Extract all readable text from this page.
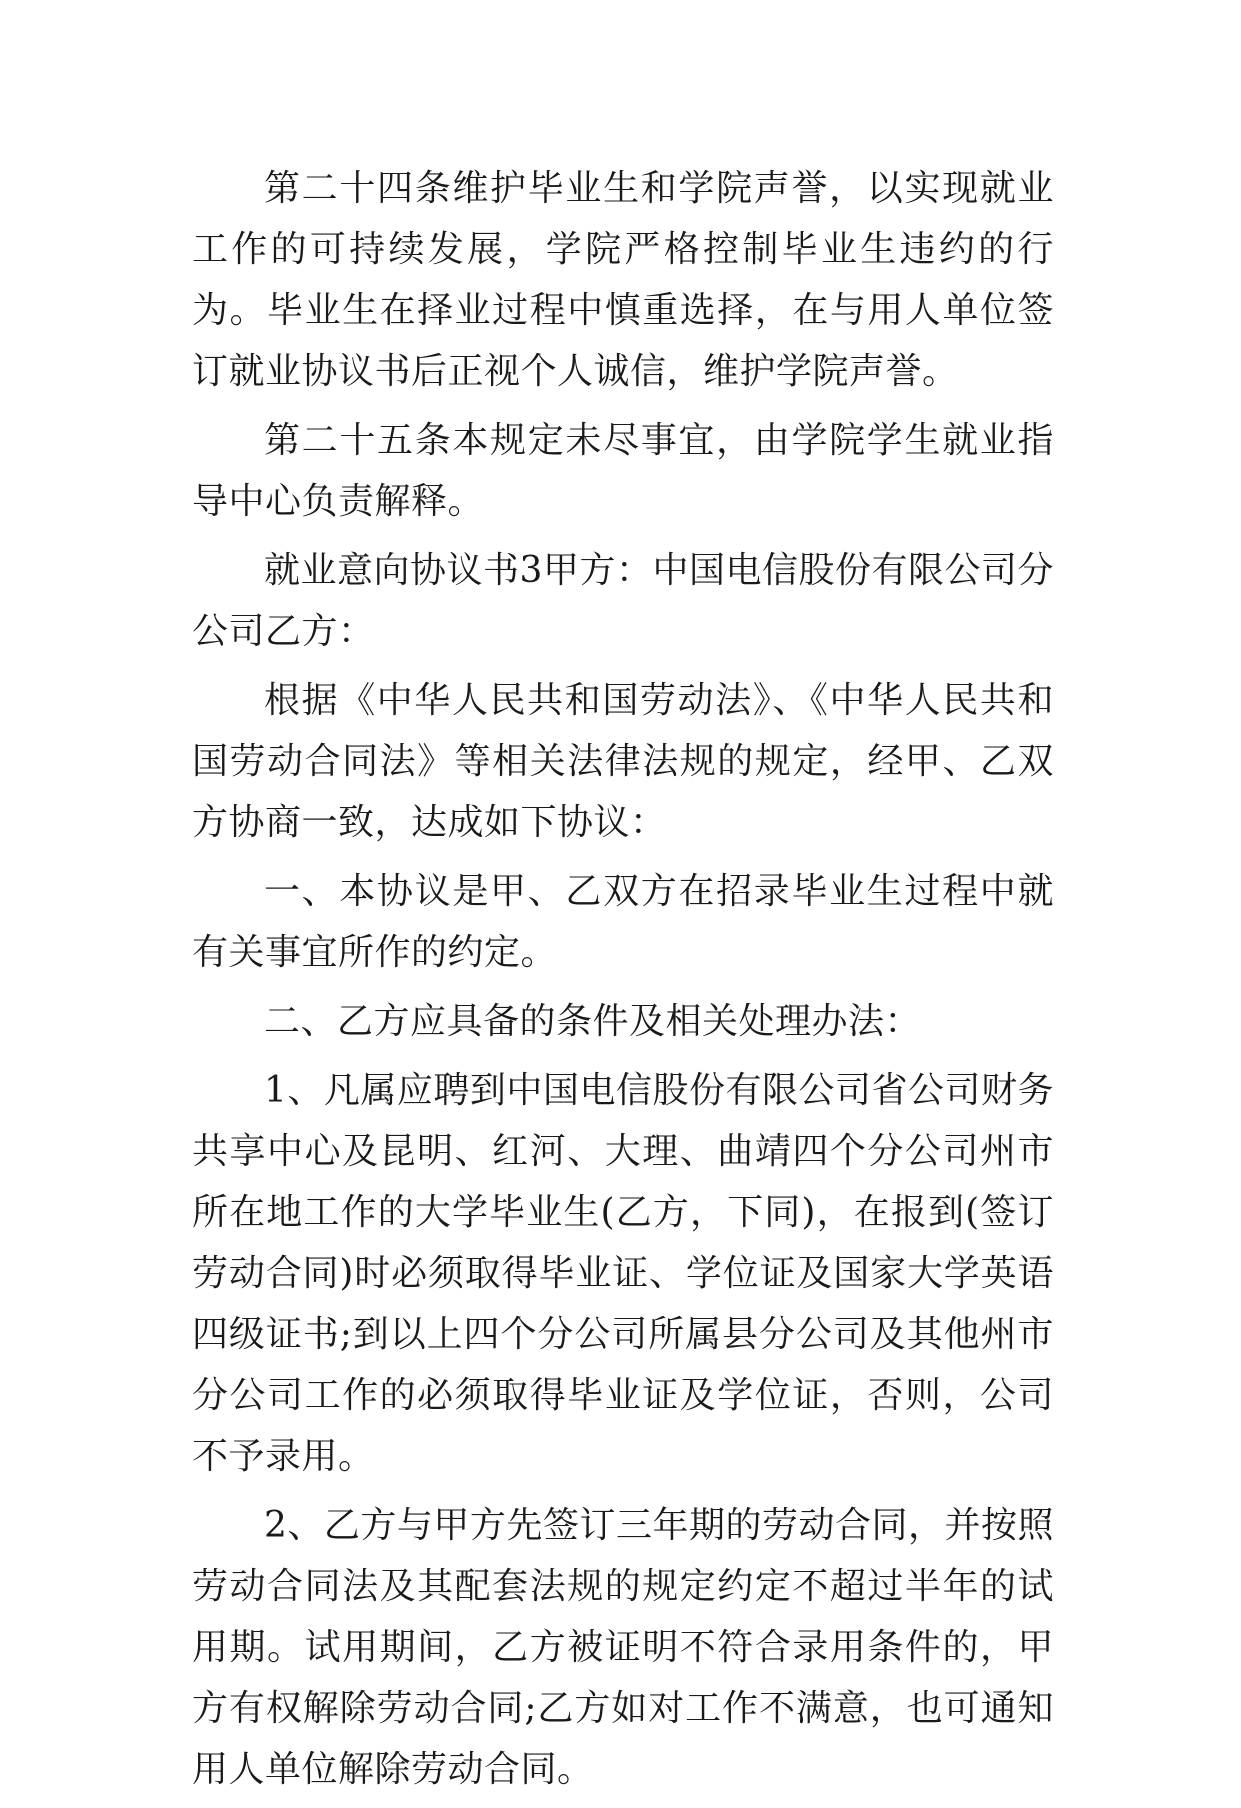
第二十四条维护毕业生和学院声誉，以实现就业工作的可持续发展，学院严格控制毕业生违约的行为。毕业生在择业过程中慎重选择，在与用人单位签订就业协议书后正视个人诚信，维护学院声誉。

第二十五条本规定未尽事宜，由学院学生就业指导中心负责解释。

就业意向协议书3甲方：中国电信股份有限公司分公司乙方：

根据《中华人民共和国劳动法》、《中华人民共和国劳动合同法》等相关法律法规的规定，经甲、乙双方协商一致，达成如下协议：

一、本协议是甲、乙双方在招录毕业生过程中就有关事宜所作的约定。

二、乙方应具备的条件及相关处理办法：

1、凡属应聘到中国电信股份有限公司省公司财务共享中心及昆明、红河、大理、曲靖四个分公司州市所在地工作的大学毕业生(乙方，下同)，在报到(签订劳动合同)时必须取得毕业证、学位证及国家大学英语四级证书;到以上四个分公司所属县分公司及其他州市分公司工作的必须取得毕业证及学位证，否则，公司不予录用。

2、乙方与甲方先签订三年期的劳动合同，并按照劳动合同法及其配套法规的规定约定不超过半年的试用期。试用期间，乙方被证明不符合录用条件的，甲方有权解除劳动合同;乙方如对工作不满意，也可通知用人单位解除劳动合同。
